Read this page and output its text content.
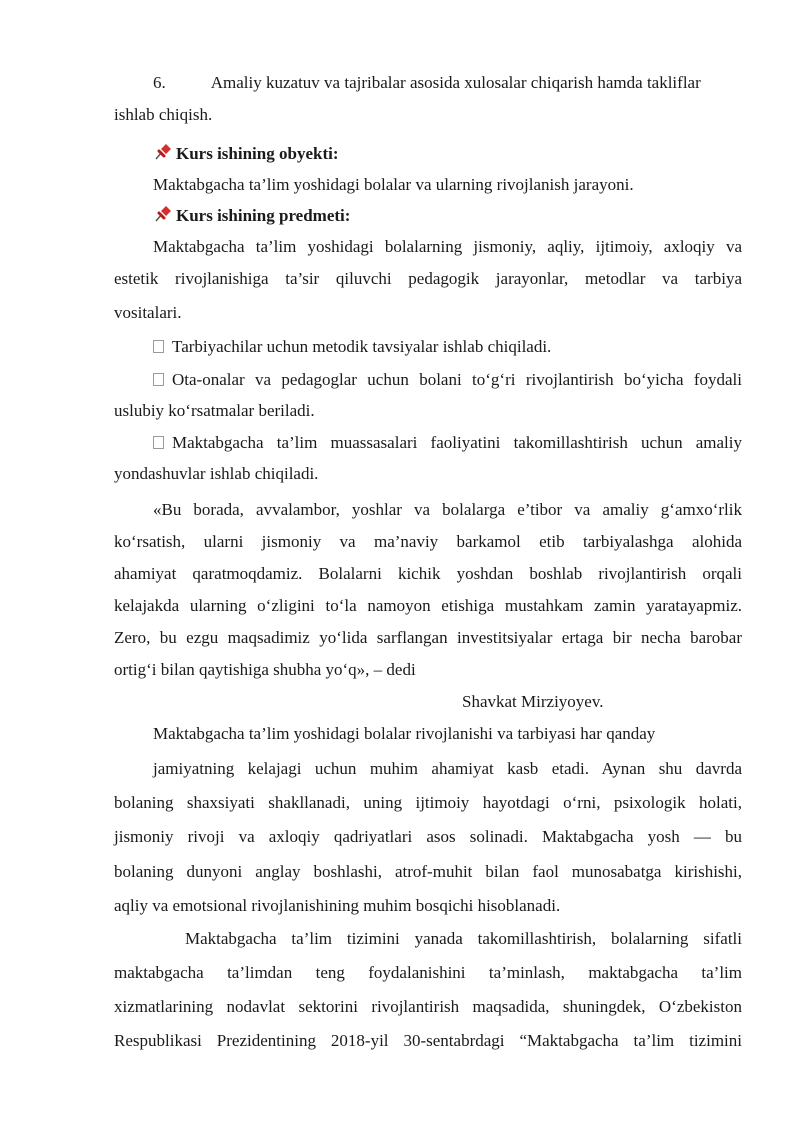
6.	Amaliy kuzatuv va tajribalar asosida xulosalar chiqarish hamda takliflar
ishlab chiqish.
Kurs ishining obyekti:
Maktabgacha ta’lim yoshidagi bolalar va ularning rivojlanish jarayoni.
Kurs ishining predmeti:
Maktabgacha ta’lim yoshidagi bolalarning jismoniy, aqliy, ijtimoiy, axloqiy va
estetik rivojlanishiga ta’sir qiluvchi pedagogik jarayonlar, metodlar va tarbiya
vositalari.
Tarbiyachilar uchun metodik tavsiyalar ishlab chiqiladi.
Ota-onalar va pedagoglar uchun bolani to‘g‘ri rivojlantirish bo‘yicha foydali
uslubiy ko‘rsatmalar beriladi.
Maktabgacha ta’lim muassasalari faoliyatini takomillashtirish uchun amaliy
yondashuvlar ishlab chiqiladi.
«Bu borada, avvalambor, yoshlar va bolalarga e’tibor va amaliy g‘amxo‘rlik
ko‘rsatish, ularni jismoniy va ma’naviy barkamol etib tarbiyalashga alohida
ahamiyat qaratmoqdamiz. Bolalarni kichik yoshdan boshlab rivojlantirish orqali
kelajakda ularning o‘zligini to‘la namoyon etishiga mustahkam zamin yaratayapmiz.
Zero, bu ezgu maqsadimiz yo‘lida sarflangan investitsiyalar ertaga bir necha barobar
ortig‘i bilan qaytishiga shubha yo‘q», – dedi
Shavkat Mirziyoyev.
Maktabgacha ta’lim yoshidagi bolalar rivojlanishi va tarbiyasi har qanday
jamiyatning kelajagi uchun muhim ahamiyat kasb etadi. Aynan shu davrda
bolaning shaxsiyati shakllanadi, uning ijtimoiy hayotdagi o‘rni, psixologik holati,
jismoniy rivoji va axloqiy qadriyatlari asos solinadi. Maktabgacha yosh — bu
bolaning dunyoni anglay boshlashi, atrof-muhit bilan faol munosabatga kirishishi,
aqliy va emotsional rivojlanishining muhim bosqichi hisoblanadi.
Maktabgacha ta’lim tizimini yanada takomillashtirish, bolalarning sifatli
maktabgacha ta’limdan teng foydalanishini ta’minlash, maktabgacha ta’lim
xizmatlarining nodavlat sektorini rivojlantirish maqsadida, shuningdek, O‘zbekiston
Respublikasi Prezidentining 2018-yil 30-sentabrdagi “Maktabgacha ta’lim tizimini
